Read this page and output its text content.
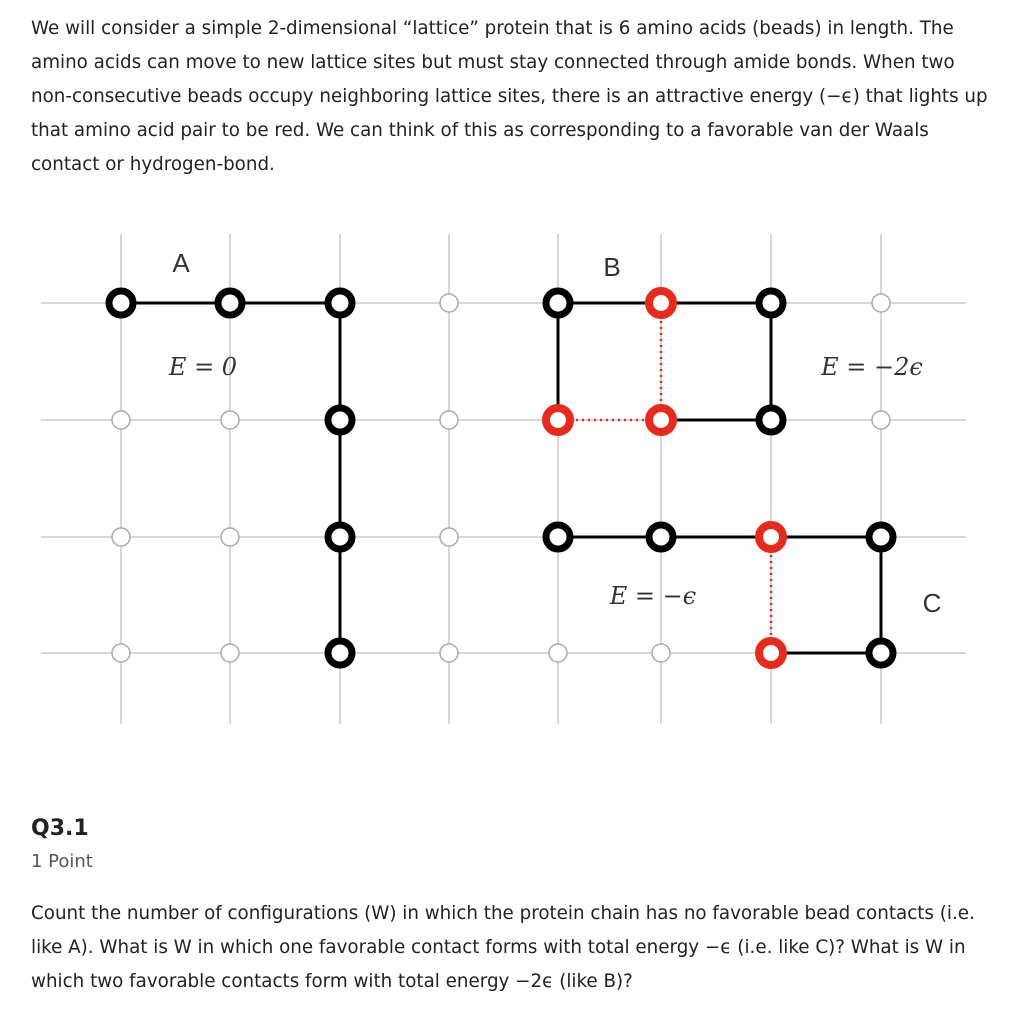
We will consider a simple 2-dimensional “lattice” protein that is 6 amino acids (beads) in length. The amino acids can move to new lattice sites but must stay connected through amide bonds. When two non-consecutive beads occupy neighboring lattice sites, there is an attractive energy (−ϵ) that lights up that amino acid pair to be red. We can think of this as corresponding to a favorable van der Waals contact or hydrogen-bond.

A	B
C
E = 0	E = −2ϵ
E = −ϵ
Q3.1

1 Point

Count the number of configurations (W) in which the protein chain has no favorable bead contacts (i.e. like A). What is W in which one favorable contact forms with total energy −ϵ (i.e. like C)? What is W in which two favorable contacts form with total energy −2ϵ (like B)?
